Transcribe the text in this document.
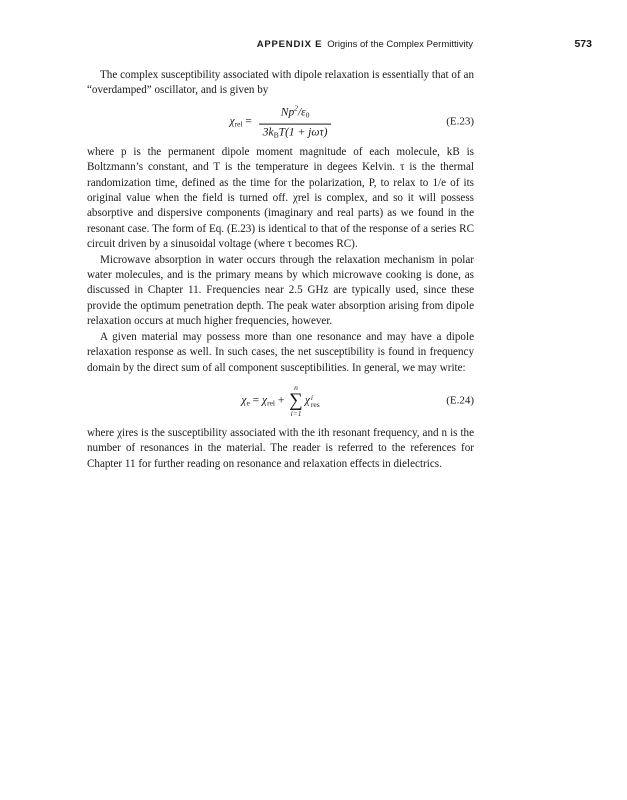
APPENDIX E Origins of the Complex Permittivity	573

The complex susceptibility associated with dipole relaxation is essentially that of an “overdamped” oscillator, and is given by

$\chi_{rel} = \frac{Np^2/\varepsilon_0}{3k_BT(1 + j\omega\tau)}$	(E.23)

where p is the permanent dipole moment magnitude of each molecule, kB is Boltzmann’s constant, and T is the temperature in degees Kelvin. τ is the thermal randomization time, defined as the time for the polarization, P, to relax to 1/e of its original value when the field is turned off. χrel is complex, and so it will possess absorptive and dispersive components (imaginary and real parts) as we found in the resonant case. The form of Eq. (E.23) is identical to that of the response of a series RC circuit driven by a sinusoidal voltage (where τ becomes RC).

Microwave absorption in water occurs through the relaxation mechanism in polar water molecules, and is the primary means by which microwave cooking is done, as discussed in Chapter 11. Frequencies near 2.5 GHz are typically used, since these provide the optimum penetration depth. The peak water absorption arising from dipole relaxation occurs at much higher frequencies, however.

A given material may possess more than one resonance and may have a dipole relaxation response as well. In such cases, the net susceptibility is found in frequency domain by the direct sum of all component susceptibilities. In general, we may write:

$\chi_e = \chi_{rel}$ +
n
∑
i=1
χ i
res	(E.24)

where χires is the susceptibility associated with the ith resonant frequency, and n is the number of resonances in the material. The reader is referred to the references for Chapter 11 for further reading on resonance and relaxation effects in dielectrics.
